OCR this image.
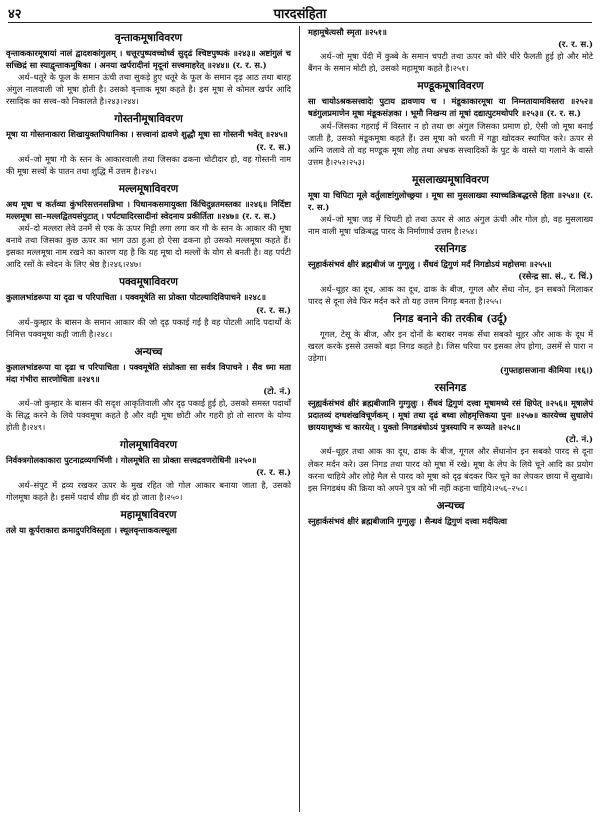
४२	पारदसंहिता
वृन्ताकमूषाविवरण

वृन्ताककारमूषायां नालं द्वादशकांगुलम् । धत्तूरपुष्पवच्चोर्ध्व सुदृढं श्चिष्टपुष्पकं ॥२४३॥ अष्टांगुलं च सच्छिद्रं सा स्याद्वृन्ताकमूषिका । अनया खर्परादीनां मृदूनां सत्त्वमाहरेत् ॥२४४॥ (र. र. स.)

अर्थ–धतूरे के फूल के समान ऊंची तथा सुकड़े हुए धतूरे के फूल के समान दृढ़ आठ तथा बारह अंगुल नालवाली जो मूषा होती है। उसको वृन्ताक मूषा कहते है। इस मूषा से कोमल खर्पर आदि रसादिक का सत्त्व–को निकालते है।२४३।२४४।

गोस्तनीमूषाविवरण

मूषा या गोस्तनाकारा शिखायुक्तपिधानिका । सत्त्वानां द्रावणे शुद्धौ मूषा सा गोस्तनी भवेत् ॥२४५॥

(र. र. स.)

अर्थ–जो मूषा गौ के स्तन के आकारवाली तथा जिसका ढकना चोटीदार हो, वह गोस्तनी नाम की मूषा सत्त्वों के पातन तथा शुद्धि में उत्तम है।२४५।

मल्लमूषाविवरण

अथ मूषा च कर्तव्या कुंभरिसत्तनसन्निभा । पिधानकसमायुक्ता किंचिदुन्नतमस्तका ॥२४६॥ निर्दिष्टा मल्लमूषा सा–मल्लद्वितयसंपुटात् । पर्पटघादिरसादीनां स्वेदनाय प्रकीर्तिता ॥२४७॥ (र. र. स.)

अर्थ–दो मल्लरा लेवे उनमें से एक के ऊपर मिट्टी लगा लगा कर गौ के स्तन के आकार की मूषा बनावे तथा जिसका कुछ ऊपर का भाग उठा हुआ हो ऐसा ढकना हो उसको मल्लमूषा कहते हैं। इसका मल्लमूषा नाम रखने का कारण यह है कि यह मूषा दो मल्लों के योग से बनती है। वह पर्पटी आदि रसों के स्वेदन के लिए श्रेष्ठ है।२४६।२४७।

पक्वमूषाविवरण

कुलालभांडरूपा या दृढा च परिपाचिता । पक्वमूषेति सा प्रोक्ता पोटल्यादिविपाचने ॥२४८॥

(र. र. स.)

अर्थ–कुम्हार के बासन के समान आकार की जो दृढ़ पकाई गई है वह पोटली आदि पदार्थों के निमित्त पक्वमूषा कही जाती है।२४८।

अन्यच्च

कुलालभांडरूपा या दृढा च परिपाचिता । पक्वमूषेति संप्रोक्ता सा सर्वत्र विपाचने । सैव ध्मा मता मंदा गंभीरा सारणोचिता ॥२४९॥

(टो. नं.)

अर्थ–जो कुम्हार के बासन की सदृश आकृतिवाली और दृढ़ पकाई हुई हो, उसको समस्त पदार्थों के सिद्ध करने के लिये पक्वमूषा कहते है और वही मूषा छोटी और गहरी हो तो सारण के योग्य होती है।२४९।

गोलमूषाविवरण

निर्वक्त्रगोलकाकारा पुटनाद्रव्यगर्भिणी । गोलमूषेति सा प्रोक्ता सत्त्वद्रवणरोधिनी ॥२५०॥

(र. र. स.)

अर्थ–संपुट में द्रव्य रखकर ऊपर के मुख रहित जो गोल आकार बनाया जाता है, उसको गोलमूषा कहते है। इसमें पदार्थ शीघ्र ही बंद हो जाता है।२५०।

महामूषाविवरण

तले या कूर्पराकारा क्रमादुपरिविस्तृता । स्थूलवृन्ताकवत्स्थूला

महामूषेत्यसौ स्मृता ॥२५१॥

(र. र. स.)

अर्थ–जो मूषा पेंदी में कुब्बे के समान चपटी तथा ऊपर को धीरे धीरे फैलती हुई हो और मोटे बैंगन के समान मोटी हो, उसको महामूषा कहते है।२५१।

मण्डूकमूषाविवरण

सा चायोऽश्रकसत्त्वादेः पुटाय द्रावणाय च । मंडूकाकारमूषा या निम्नतायामविस्तरा ॥२५२॥ षडंगुलप्रमाणेन मूषा मंडूकसंज्ञका । भूमौ निखन्य तां मूषां दद्यात्पुटमथोपरि ॥२५३॥ (र. र. स.)

अर्थ–जिसका गहराई में विस्तार न हो तथा छः अंगुल जिसका प्रमाण हो, ऐसी जो मूषा बनाई जाती है, उसको मंडूकमूषा कहते हैं। उस मूषा को धरती में गड्ढा खोदकर स्थापित करे। ऊपर से अग्नि जलावे तो वह मण्डूक मूषा लोह तथा अभ्रक सत्त्वादिकों के पुट के वास्ते या गलाने के वास्ते उत्तम है।२५२।२५३।

मूसलाख्यमूषाविवरण

मूषा या चिपिटा मूले वर्तुलाष्टांगुलोच्छ्रया । मूषा सा मुसलाख्या स्याच्चक्रिबद्धरसे हिता ॥२५४॥ (र. र. स.)

अर्थ–जो मूषा जड़ में चिपटी हो तथा ऊपर से आठ अंगुल ऊंची और गोल हो, वह मुसलाख्य नाम वाली मूषा चक्रिबद्ध पारद के निर्माणार्थ उत्तम है।२५४।

रसनिगड

स्नुहार्कसंभवं क्षीरं ब्रह्मबीजं ज गुग्गुलु । सैंधवं द्विगुणं मर्दं निगडोऽयं महोत्तमः ॥२५५॥

(रसेन्द्र सा. सं., र. चिं.)

अर्थ–थूहर का दूध, आक का दूध, ढाक के बीज, गूगल और सेंधा नोन, इन सबको मिलाकर पारद से दूना लेवे फिर मर्दन करे तो यह उत्तम निगड़ बनता है।२५५।

निगड बनाने की तरकीब (उर्दू)

गूगल, टेसू के बीज, और इन दोनों के बराबर नमक सेंधा सबको थूहर और आक के दूध में खरल करके इससे उसको बड़ा निगड कहते है। जिस घरिया पर इसका लेप होगा, उसमें से पारा न उड़ेगा।

(गुफ्तहासजाना कीमिया ।१६।)

रसनिगड

स्नुह्यर्कसंभवं क्षीरं ब्रह्मबीजानि गुग्गुलुः । सैंधवं द्विगुणं दत्त्वा मूषामध्ये रसं क्षिपेत् ॥२५६॥ मूषालेपं प्रदातव्यं दग्धशंखविचूर्णकम् । मूषां तथा दृढं बध्वा लोहमृत्तिकया पुनः ॥२५७॥ कारयेच्च सुधालेपं छाययाशुष्कं च कारयेत् । युक्तो निगडबंधोऽयं पुत्रस्यापि न रूप्यते ॥२५८॥

(टो. नं.)

अर्थ–थूहर तथा आक का दूध, ढाक के बीज, गूगल और सेंधानोन इन सबको पारद से दूना लेकर मर्दन करे। उस निगड तथा पारद को मूषा में रखे। मूषा के लेप के लिये चूने आदि का प्रयोग करना चाहिये और लोहे मैल से पारद को मूषा को दृढ़ बंदकर फिर चूने का लेपकर छाया में सुखावे। इस निगडबंध की क्रिया को अपने पुत्र को भी नहीं कहना चाहिये।२५६–२५८।

अन्यच्च

स्नुहार्कसंभवं क्षीरं ब्रह्मबीजानि गुग्गुलुः । सैन्धवं द्विगुणं दत्त्वा मर्दयित्वा
